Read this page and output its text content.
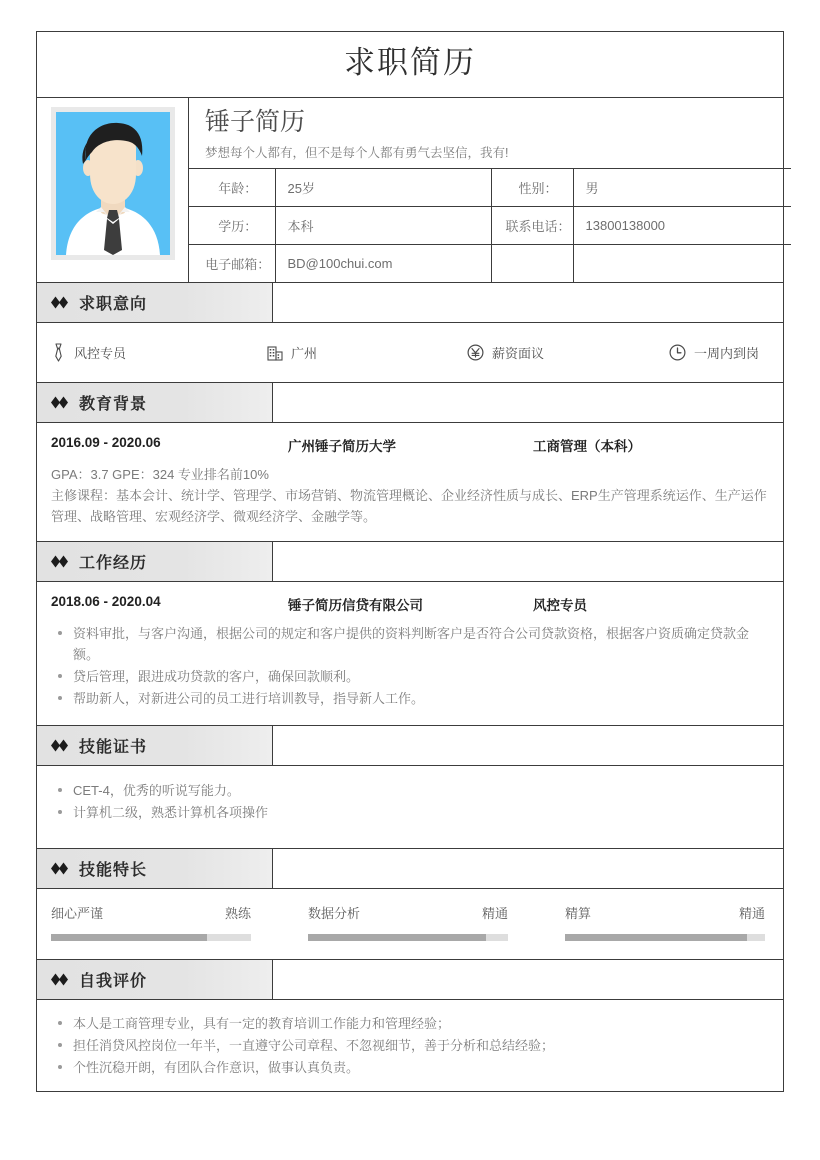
求职简历
锤子简历
梦想每个人都有，但不是每个人都有勇气去坚信，我有!
年龄：	25岁	性别：	男
学历：	本科	联系电话：	13800138000
电子邮箱：	BD@100chui.com		
求职意向
风控专员	广州	薪资面议	一周内到岗
教育背景
2016.09 - 2020.06	广州锤子简历大学	工商管理（本科）
GPA：3.7 GPE：324 专业排名前10%
主修课程：基本会计、统计学、管理学、市场营销、物流管理概论、企业经济性质与成长、ERP生产管理系统运作、生产运作管理、战略管理、宏观经济学、微观经济学、金融学等。
工作经历
2018.06 - 2020.04	锤子简历信贷有限公司	风控专员
资料审批，与客户沟通，根据公司的规定和客户提供的资料判断客户是否符合公司贷款资格，根据客户资质确定贷款金额。
贷后管理，跟进成功贷款的客户，确保回款顺利。
帮助新人，对新进公司的员工进行培训教导，指导新人工作。
技能证书
CET-4，优秀的听说写能力。
计算机二级，熟悉计算机各项操作
技能特长
细心严谨	熟练	数据分析	精通	精算	精通
自我评价
本人是工商管理专业，具有一定的教育培训工作能力和管理经验；
担任消贷风控岗位一年半，一直遵守公司章程、不忽视细节，善于分析和总结经验；
个性沉稳开朗，有团队合作意识，做事认真负责。
